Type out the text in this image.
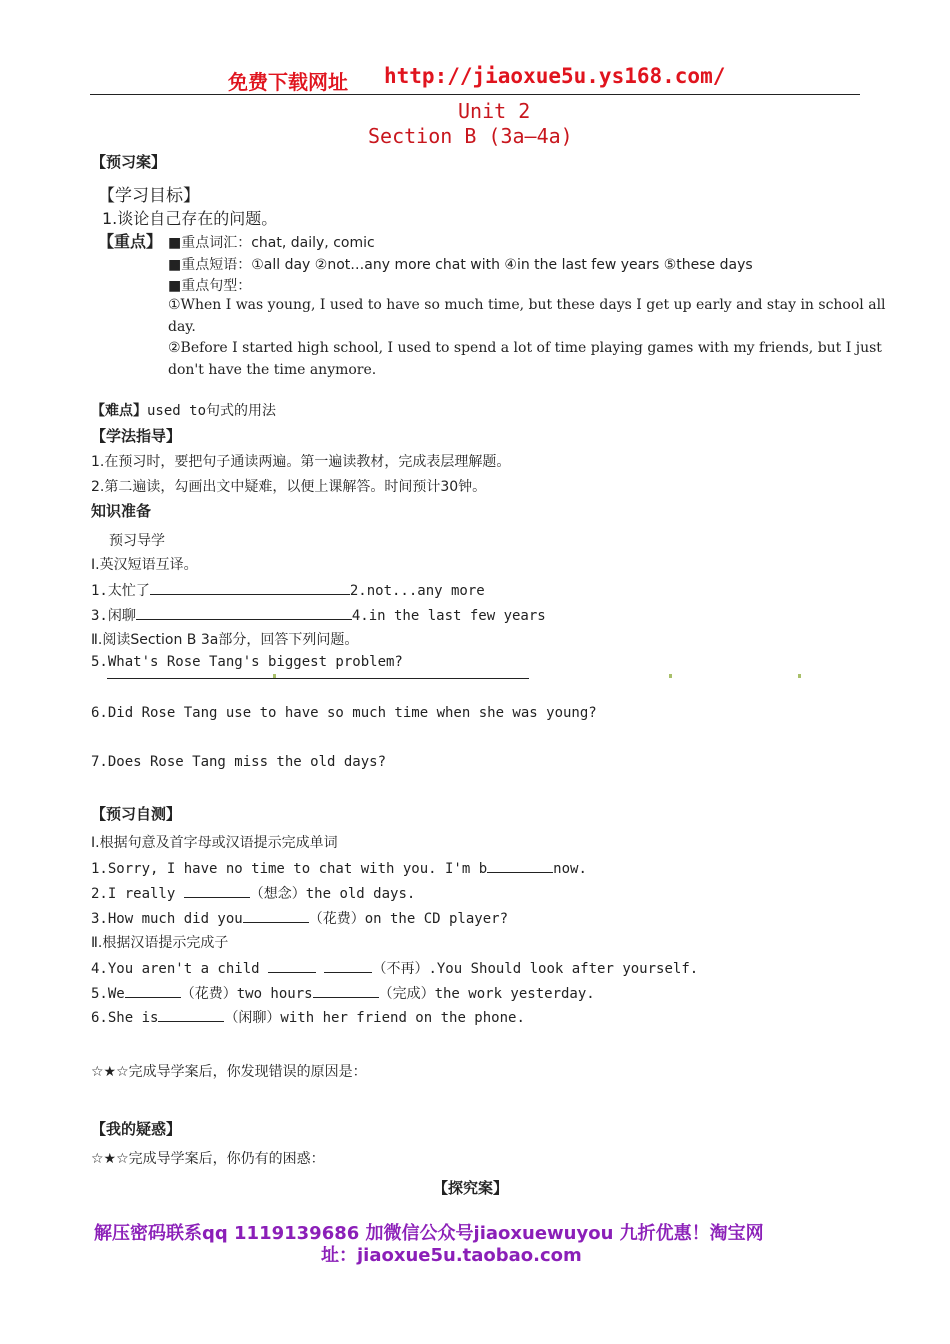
免费下载网址 http://jiaoxue5u.ys168.com/
Unit 2
Section B (3a—4a)
【预习案】
【学习目标】
1.谈论自己存在的问题。
【重点】 ■重点词汇：chat, daily, comic
■重点短语：①all day ②not…any more chat with ④in the last few years ⑤these days
■重点句型：
①When I was young, I used to have so much time, but these days I get up early and stay in school all
day.
②Before I started high school, I used to spend a lot of time playing games with my friends, but I just
don't have the time anymore.
【难点】used to句式的用法
【学法指导】
1.在预习时，要把句子通读两遍。第一遍读教材，完成表层理解题。
2.第二遍读，勾画出文中疑难，以便上课解答。时间预计30钟。
知识准备
预习导学
Ⅰ.英汉短语互译。
1.太忙了	2.not...any more
3.闲聊	4.in the last few years
Ⅱ.阅读Section B 3a部分，回答下列问题。
5.What's Rose Tang's biggest problem?
6.Did Rose Tang use to have so much time when she was young?
7.Does Rose Tang miss the old days?
【预习自测】
Ⅰ.根据句意及首字母或汉语提示完成单词
1.Sorry, I have no time to chat with you. I'm b	now.
2.I really	（想念）the old days.
3.How much did you	（花费）on the CD player?
Ⅱ.根据汉语提示完成子
4.You aren't a child	（不再）.You Should look after yourself.
5.We	（花费）two hours	（完成）the work yesterday.
6.She is	（闲聊）with her friend on the phone.
☆★☆完成导学案后，你发现错误的原因是：
【我的疑惑】
☆★☆完成导学案后，你仍有的困惑：
【探究案】
解压密码联系qq 1119139686 加微信公众号jiaoxuewuyou 九折优惠！淘宝网
址：jiaoxue5u.taobao.com
